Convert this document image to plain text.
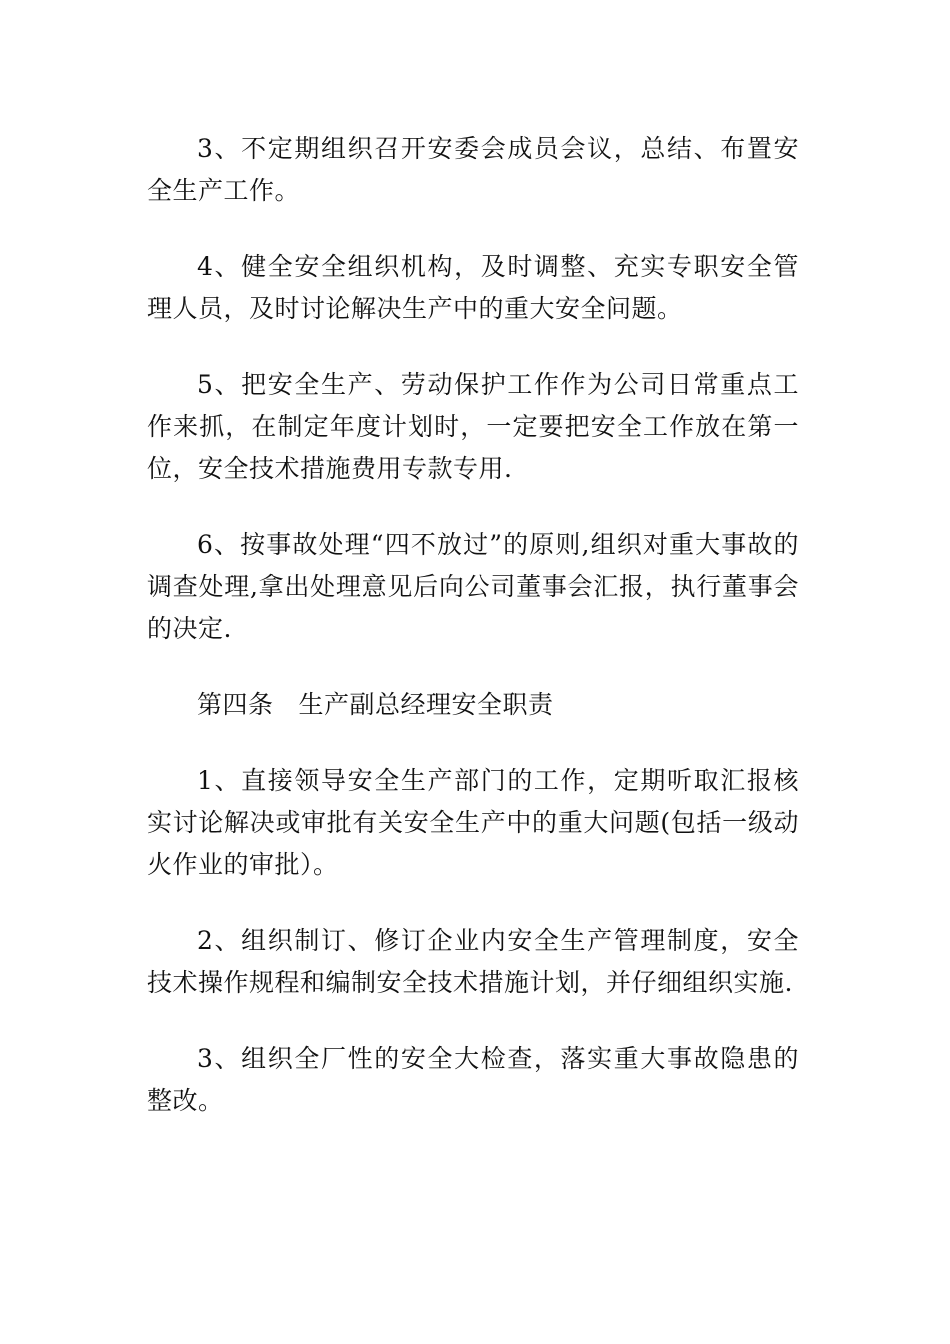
3、不定期组织召开安委会成员会议，总结、布置安全生产工作。

4、健全安全组织机构，及时调整、充实专职安全管理人员，及时讨论解决生产中的重大安全问题。

5、把安全生产、劳动保护工作作为公司日常重点工作来抓，在制定年度计划时，一定要把安全工作放在第一位，安全技术措施费用专款专用.

6、按事故处理“四不放过”的原则,组织对重大事故的调查处理,拿出处理意见后向公司董事会汇报，执行董事会的决定.

第四条 生产副总经理安全职责

1、直接领导安全生产部门的工作，定期听取汇报核实讨论解决或审批有关安全生产中的重大问题(包括一级动火作业的审批）。

2、组织制订、修订企业内安全生产管理制度，安全技术操作规程和编制安全技术措施计划，并仔细组织实施.

3、组织全厂性的安全大检查，落实重大事故隐患的整改。
